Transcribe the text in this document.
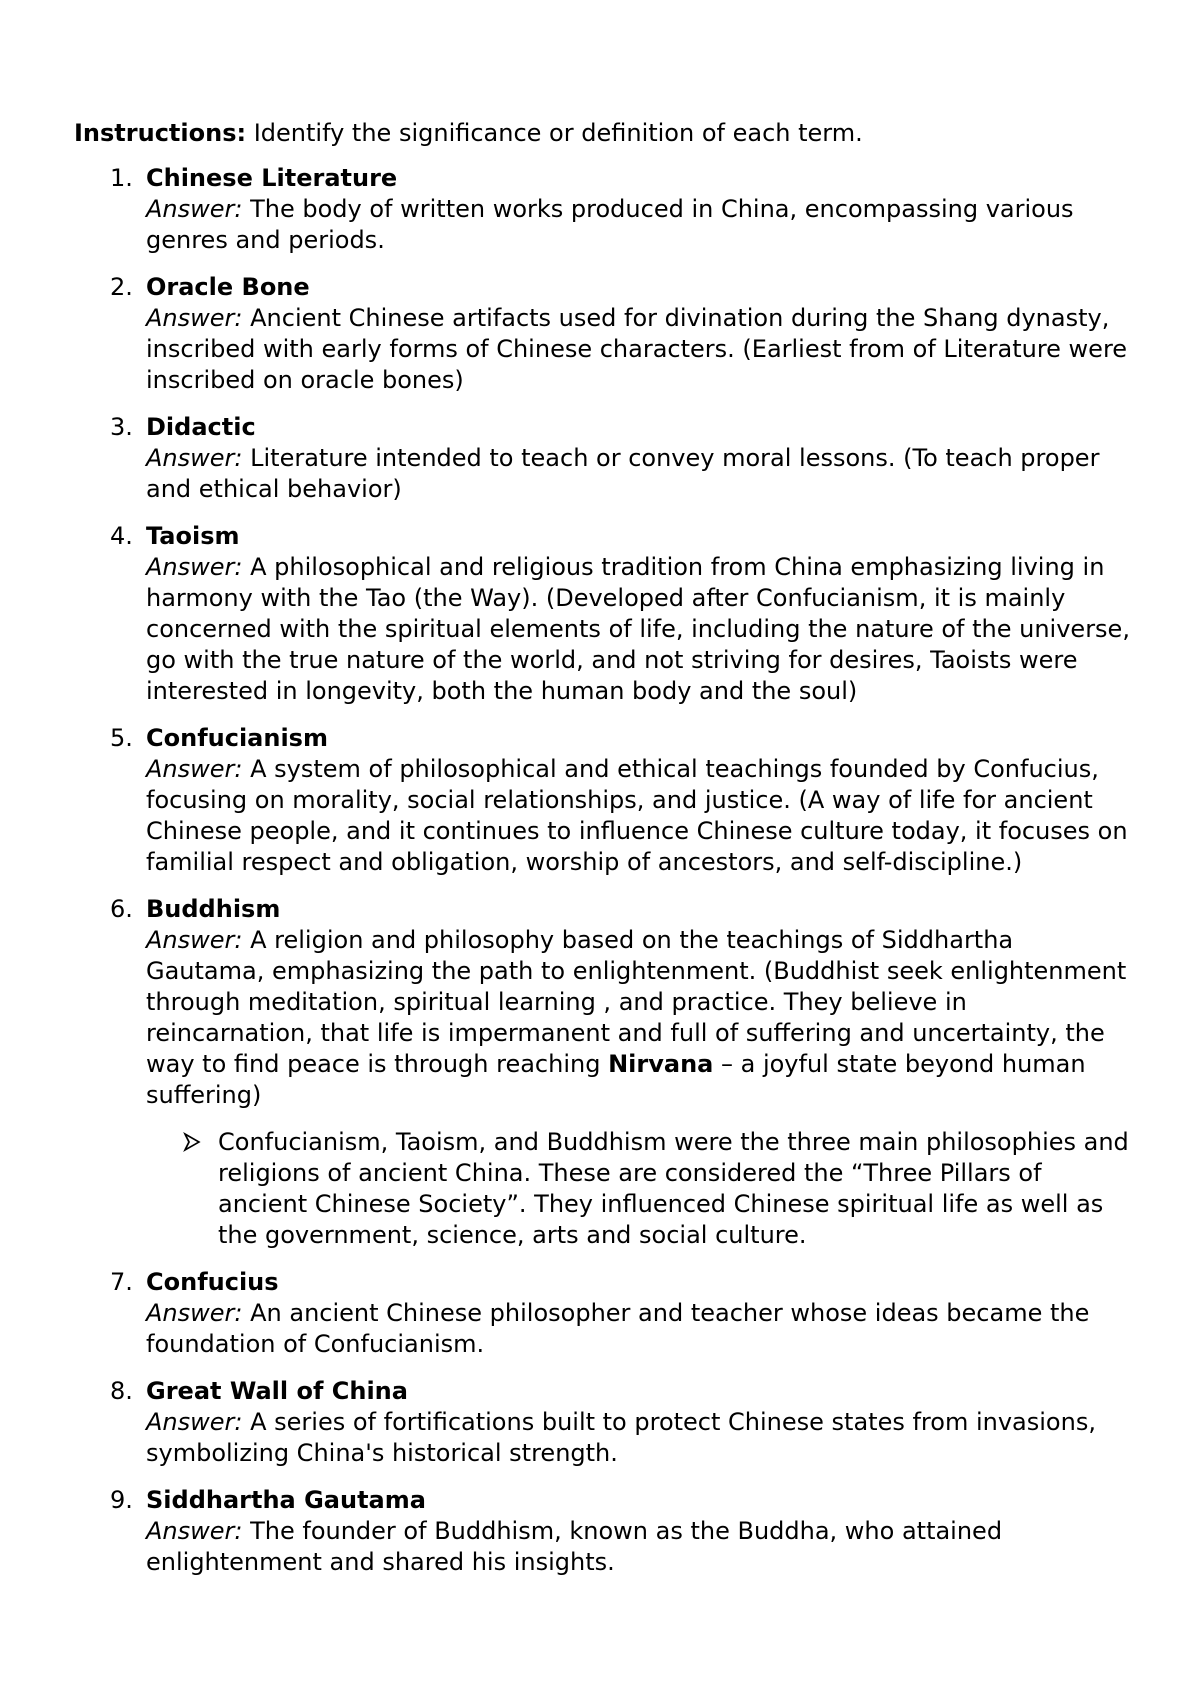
Instructions: Identify the significance or definition of each term.

1. Chinese Literature
Answer: The body of written works produced in China, encompassing various genres and periods.
2. Oracle Bone
Answer: Ancient Chinese artifacts used for divination during the Shang dynasty, inscribed with early forms of Chinese characters. (Earliest from of Literature were inscribed on oracle bones)
3. Didactic
Answer: Literature intended to teach or convey moral lessons. (To teach proper and ethical behavior)
4. Taoism
Answer: A philosophical and religious tradition from China emphasizing living in harmony with the Tao (the Way). (Developed after Confucianism, it is mainly concerned with the spiritual elements of life, including the nature of the universe, go with the true nature of the world, and not striving for desires, Taoists were interested in longevity, both the human body and the soul)
5. Confucianism
Answer: A system of philosophical and ethical teachings founded by Confucius, focusing on morality, social relationships, and justice. (A way of life for ancient Chinese people, and it continues to influence Chinese culture today, it focuses on familial respect and obligation, worship of ancestors, and self-discipline.)
6. Buddhism
Answer: A religion and philosophy based on the teachings of Siddhartha Gautama, emphasizing the path to enlightenment. (Buddhist seek enlightenment through meditation, spiritual learning , and practice. They believe in reincarnation, that life is impermanent and full of suffering and uncertainty, the way to find peace is through reaching Nirvana – a joyful state beyond human suffering)
Confucianism, Taoism, and Buddhism were the three main philosophies and religions of ancient China. These are considered the “Three Pillars of ancient Chinese Society”. They influenced Chinese spiritual life as well as the government, science, arts and social culture.
7. Confucius
Answer: An ancient Chinese philosopher and teacher whose ideas became the foundation of Confucianism.
8. Great Wall of China
Answer: A series of fortifications built to protect Chinese states from invasions, symbolizing China's historical strength.
9. Siddhartha Gautama
Answer: The founder of Buddhism, known as the Buddha, who attained enlightenment and shared his insights.
